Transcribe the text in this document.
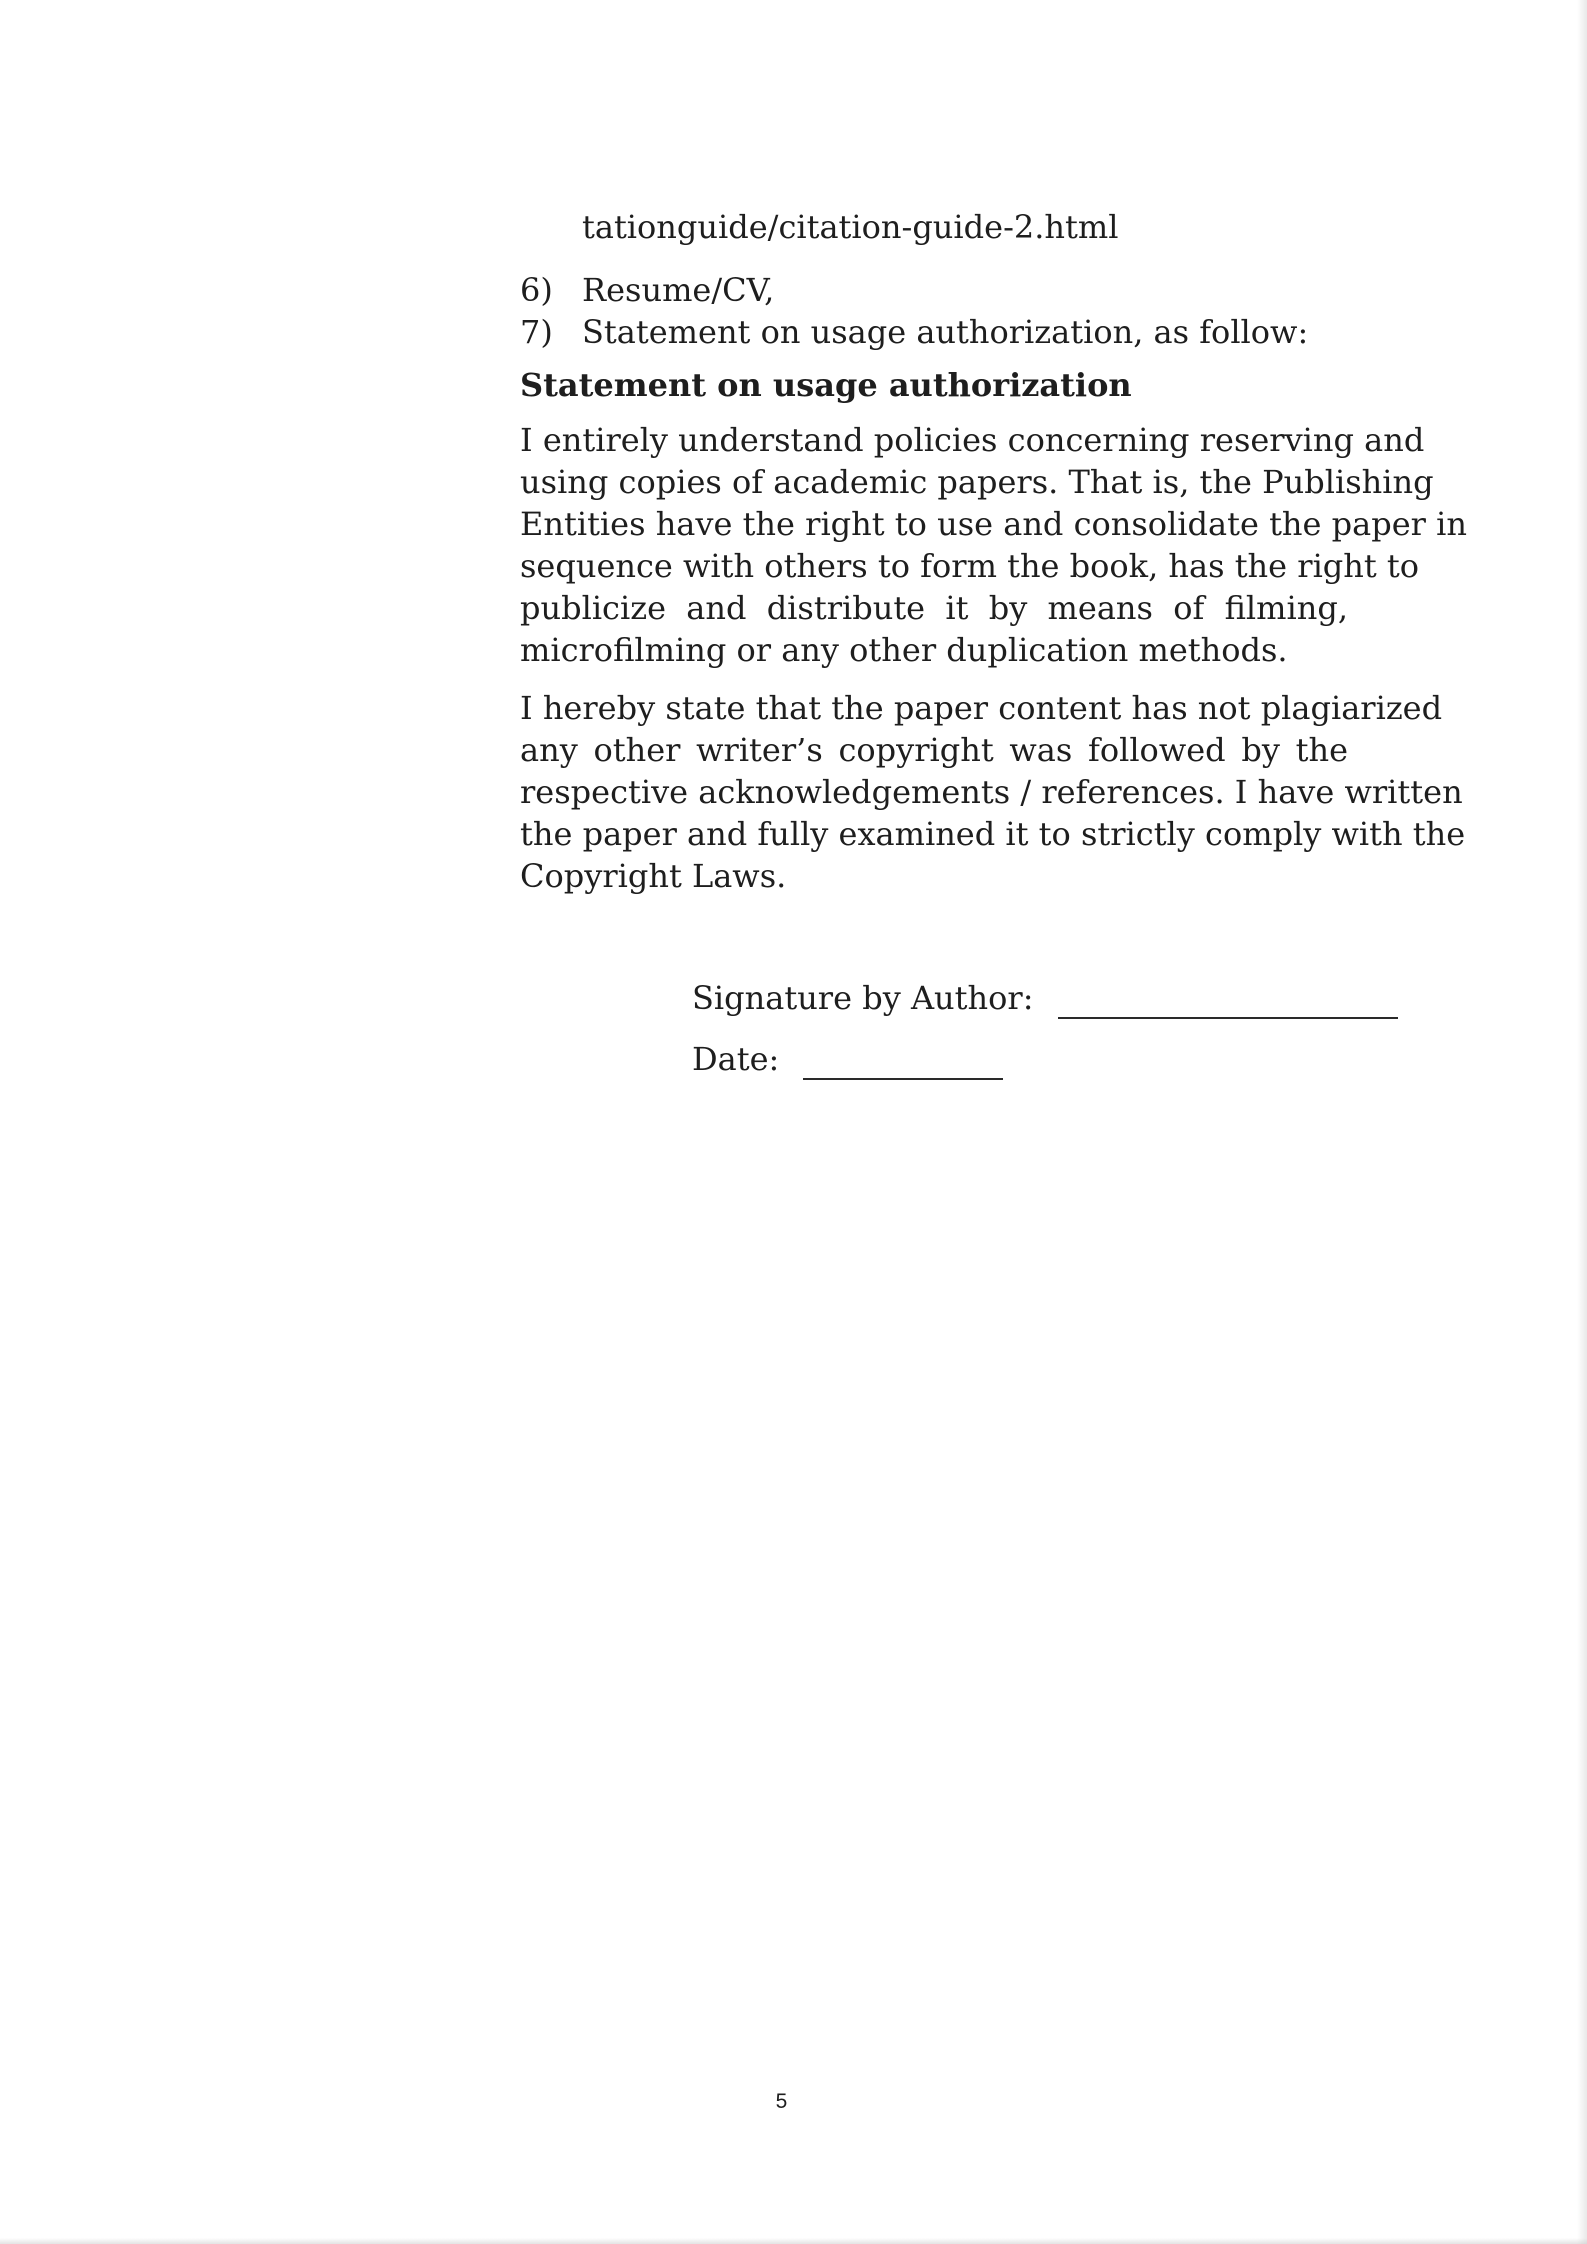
tationguide/citation-guide-2.html
6) Resume/CV,
7) Statement on usage authorization, as follow:
Statement on usage authorization
I entirely understand policies concerning reserving and
using copies of academic papers. That is, the Publishing
Entities have the right to use and consolidate the paper in
sequence with others to form the book, has the right to
publicize and distribute it by means of filming,
microfilming or any other duplication methods.
I hereby state that the paper content has not plagiarized
any other writer’s copyright was followed by the
respective acknowledgements / references. I have written
the paper and fully examined it to strictly comply with the
Copyright Laws.
Signature by Author:
Date:
5
